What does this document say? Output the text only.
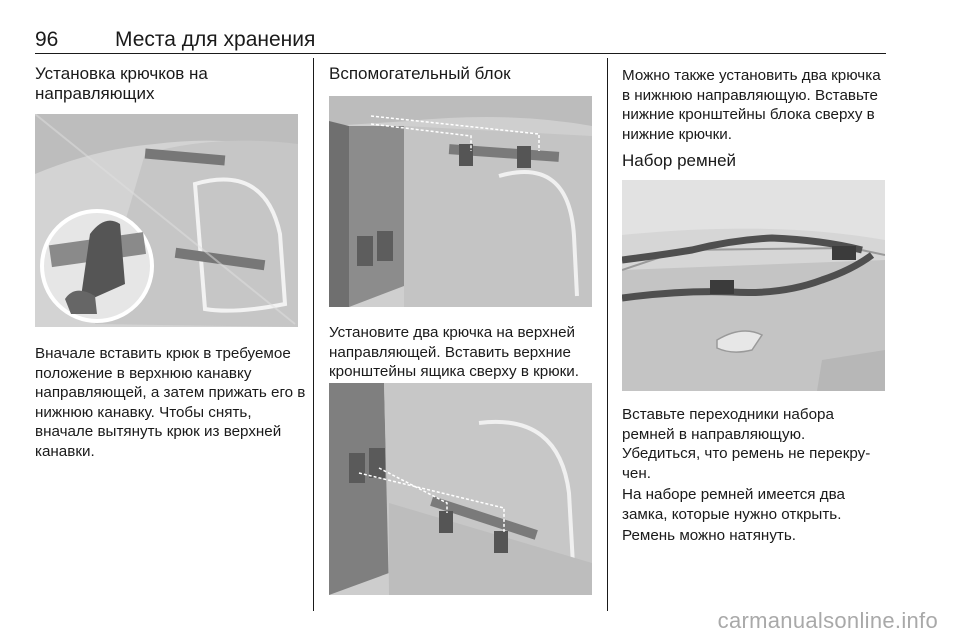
96	Места для хранения
Установка крючков на направляющих

Вначале вставить крюк в требуемое положение в верхнюю канавку направляющей, а затем прижать его в нижнюю канавку. Чтобы снять, вначале вытянуть крюк из верхней канавки.

Вспомогательный блок

Установите два крючка на верхней направляющей. Вставить верхние кронштейны ящика сверху в крюки.

Можно также установить два крючка в нижнюю направляющую. Вставьте нижние кронштейны блока сверху в нижние крючки.

Набор ремней

Вставьте переходники набора ремней в направляющую.

Убедиться, что ремень не перекручен.

На наборе ремней имеется два замка, которые нужно открыть.

Ремень можно натянуть.

carmanualsonline.info
